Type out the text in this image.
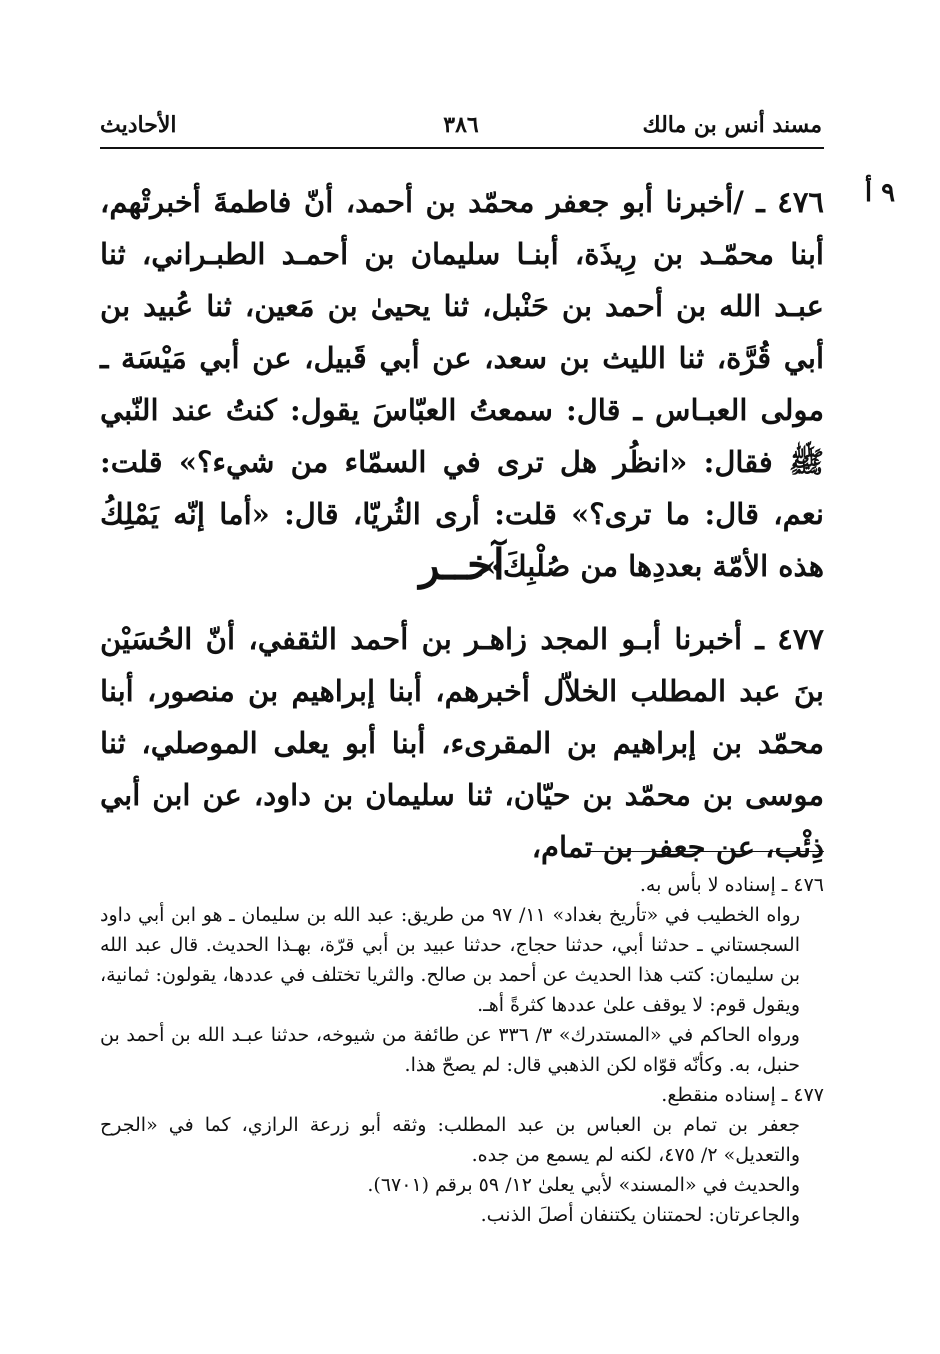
مسند أنس بن مالك
٣٨٦
الأحاديث
٩ أ
٤٧٦ ـ /أخبرنا أبو جعفر محمّد بن أحمد، أنّ فاطمةَ أخبرتْهم، أبنا محمّـد بن رِيذَة، أبنـا سليمان بن أحمـد الطبـراني، ثنا عبـد الله بن أحمد بن حَنْبل، ثنا يحيىٰ بن مَعين، ثنا عُبيد بن أبي قُرَّة، ثنا الليث بن سعد، عن أبي قَبيل، عن أبي مَيْسَة ـ مولى العبـاس ـ قال: سمعتُ العبّاسَ يقول: كنتُ عند النّبي ﷺ فقال: «انظُر هل ترى في السمّاء من شيء؟» قلت: نعم، قال: ما ترى؟» قلت: أرى الثُريّا، قال: «أما إنّه يَمْلِكُ هذه الأمّة بعددِها من صُلْبِكَ».
آخــر
٤٧٧ ـ أخبرنا أبـو المجد زاهـر بن أحمد الثقفي، أنّ الحُسَيْن بنَ عبد المطلب الخلاّل أخبرهم، أبنا إبراهيم بن منصور، أبنا محمّد بن إبراهيم بن المقرىء، أبنا أبو يعلى الموصلي، ثنا موسى بن محمّد بن حيّان، ثنا سليمان بن داود، عن ابن أبي ذِئْب، عن جعفر بن تمام،

٤٧٦ ـ إسناده لا بأس به.

رواه الخطيب في «تأريخ بغداد» ١١/ ٩٧ من طريق: عبد الله بن سليمان ـ هو ابن أبي داود السجستاني ـ حدثنا أبي، حدثنا حجاج، حدثنا عبيد بن أبي قرّة، بهـذا الحديث. قال عبد الله بن سليمان: كتب هذا الحديث عن أحمد بن صالح. والثريا تختلف في عددها، يقولون: ثمانية، ويقول قوم: لا يوقف علىٰ عددها كثرةً أهـ.

ورواه الحاكم في «المستدرك» ٣/ ٣٣٦ عن طائفة من شيوخه، حدثنا عبـد الله بن أحمد بن حنبل، به. وكأنّه قوّاه لكن الذهبي قال: لم يصحّ هذا.

٤٧٧ ـ إسناده منقطع.

جعفر بن تمام بن العباس بن عبد المطلب: وثقه أبو زرعة الرازي، كما في «الجرح والتعديل» ٢/ ٤٧٥، لكنه لم يسمع من جده.

والحديث في «المسند» لأبي يعلىٰ ١٢/ ٥٩ برقم (٦٧٠١).

والجاعرتان: لحمتنان يكتنفان أصلَ الذنب.
